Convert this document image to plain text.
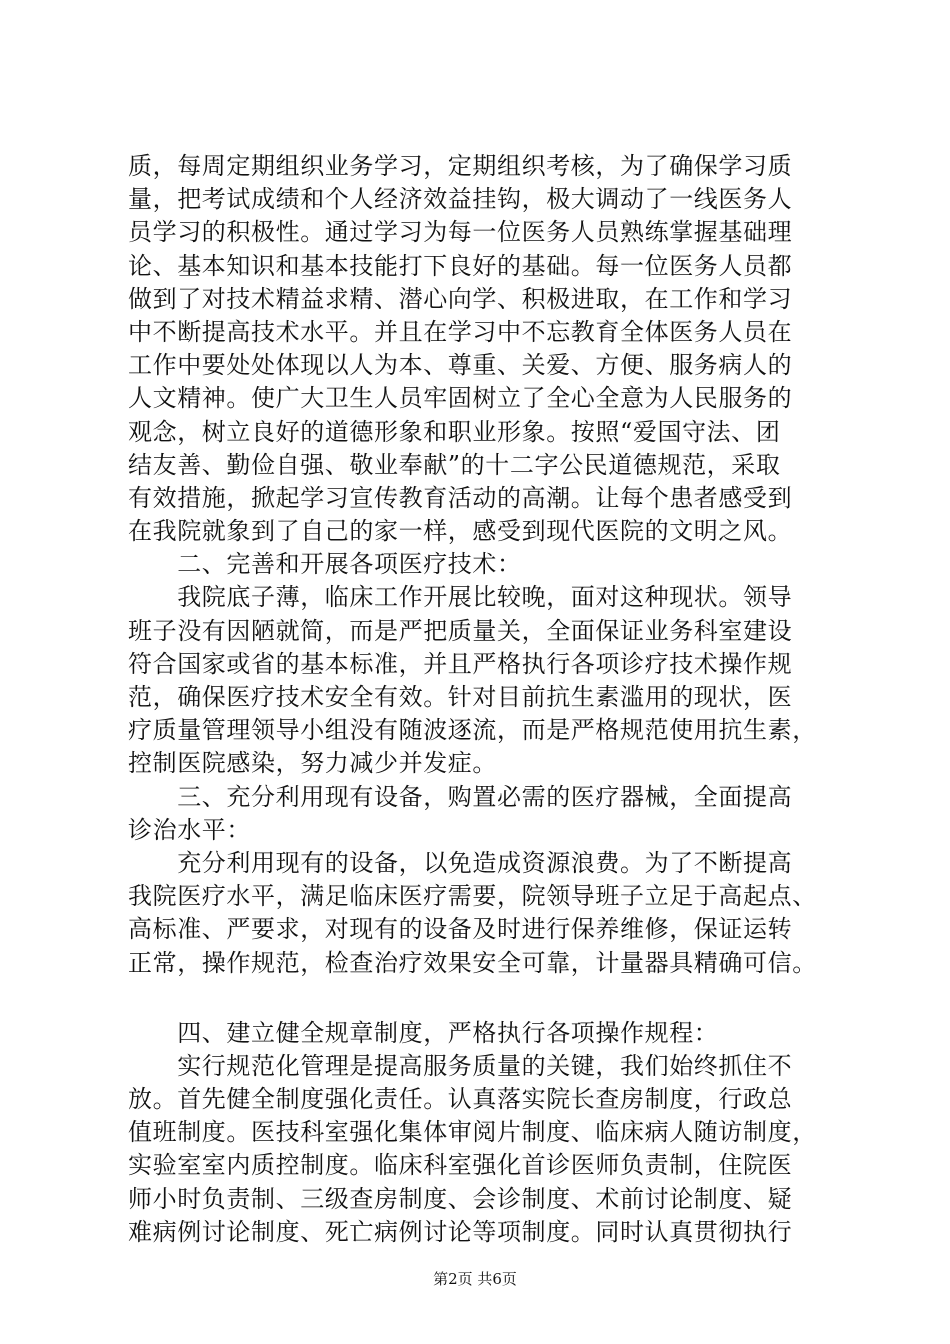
质，每周定期组织业务学习，定期组织考核，为了确保学习质
量，把考试成绩和个人经济效益挂钩，极大调动了一线医务人
员学习的积极性。通过学习为每一位医务人员熟练掌握基础理
论、基本知识和基本技能打下良好的基础。每一位医务人员都
做到了对技术精益求精、潜心向学、积极进取，在工作和学习
中不断提高技术水平。并且在学习中不忘教育全体医务人员在
工作中要处处体现以人为本、尊重、关爱、方便、服务病人的
人文精神。使广大卫生人员牢固树立了全心全意为人民服务的
观念，树立良好的道德形象和职业形象。按照“爱国守法、团
结友善、勤俭自强、敬业奉献”的十二字公民道德规范，采取
有效措施，掀起学习宣传教育活动的高潮。让每个患者感受到
在我院就象到了自己的家一样，感受到现代医院的文明之风。
　　二、完善和开展各项医疗技术：
　　我院底子薄，临床工作开展比较晚，面对这种现状。领导
班子没有因陋就简，而是严把质量关，全面保证业务科室建设
符合国家或省的基本标准，并且严格执行各项诊疗技术操作规
范，确保医疗技术安全有效。针对目前抗生素滥用的现状，医
疗质量管理领导小组没有随波逐流，而是严格规范使用抗生素，
控制医院感染，努力减少并发症。
　　三、充分利用现有设备，购置必需的医疗器械，全面提高
诊治水平：
　　充分利用现有的设备，以免造成资源浪费。为了不断提高
我院医疗水平，满足临床医疗需要，院领导班子立足于高起点、
高标准、严要求，对现有的设备及时进行保养维修，保证运转
正常，操作规范，检查治疗效果安全可靠，计量器具精确可信。
　　四、建立健全规章制度，严格执行各项操作规程：
　　实行规范化管理是提高服务质量的关键，我们始终抓住不
放。首先健全制度强化责任。认真落实院长查房制度，行政总
值班制度。医技科室强化集体审阅片制度、临床病人随访制度，
实验室室内质控制度。临床科室强化首诊医师负责制，住院医
师小时负责制、三级查房制度、会诊制度、术前讨论制度、疑
难病例讨论制度、死亡病例讨论等项制度。同时认真贯彻执行
第2页 共6页
